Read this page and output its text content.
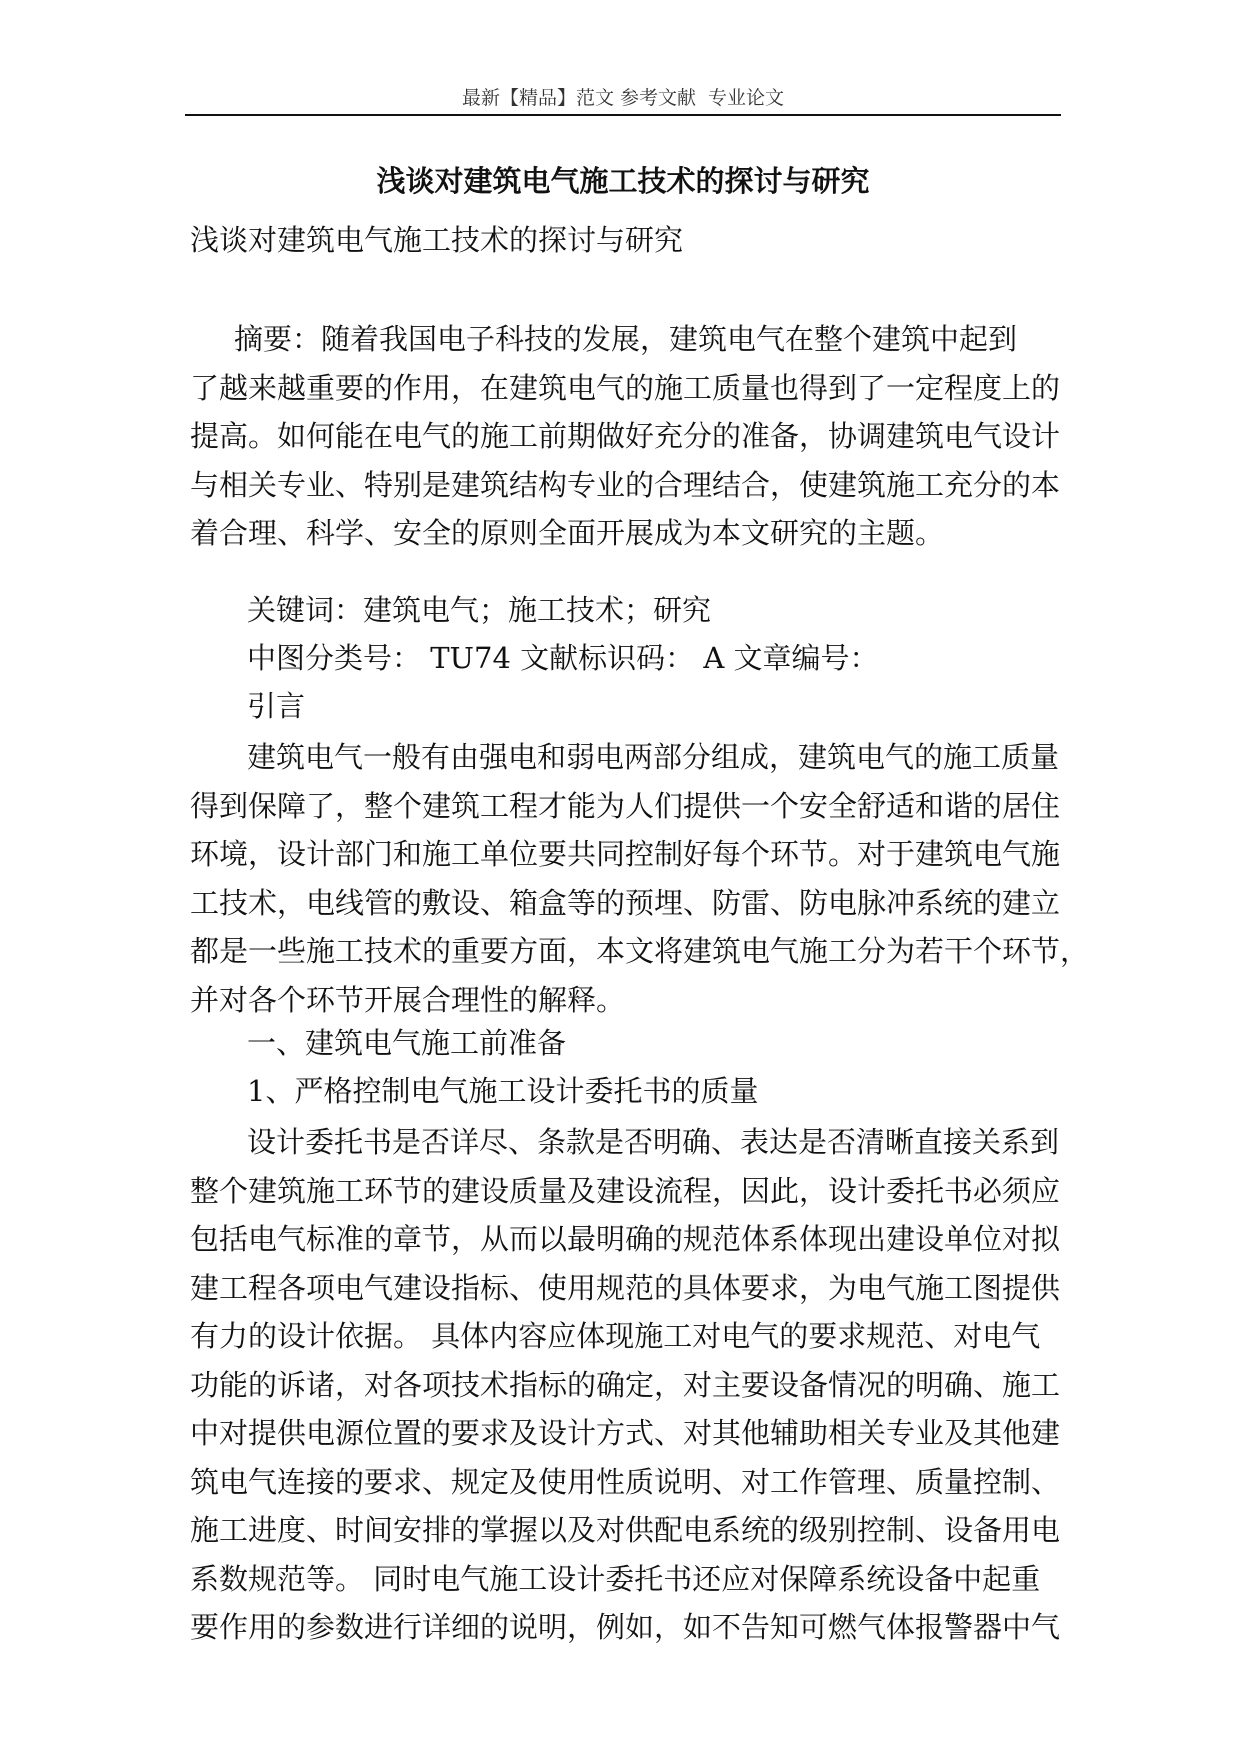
最新【精品】范文 参考文献  专业论文
浅谈对建筑电气施工技术的探讨与研究
浅谈对建筑电气施工技术的探讨与研究
摘要：随着我国电子科技的发展，建筑电气在整个建筑中起到
了越来越重要的作用，在建筑电气的施工质量也得到了一定程度上的
提高。如何能在电气的施工前期做好充分的准备，协调建筑电气设计
与相关专业、特别是建筑结构专业的合理结合，使建筑施工充分的本
着合理、科学、安全的原则全面开展成为本文研究的主题。
关键词：建筑电气；施工技术；研究
中图分类号： TU74 文献标识码： A 文章编号：
引言
建筑电气一般有由强电和弱电两部分组成，建筑电气的施工质量
得到保障了，整个建筑工程才能为人们提供一个安全舒适和谐的居住
环境，设计部门和施工单位要共同控制好每个环节。对于建筑电气施
工技术，电线管的敷设、箱盒等的预埋、防雷、防电脉冲系统的建立
都是一些施工技术的重要方面，本文将建筑电气施工分为若干个环节，
并对各个环节开展合理性的解释。
一、建筑电气施工前准备
1、严格控制电气施工设计委托书的质量
设计委托书是否详尽、条款是否明确、表达是否清晰直接关系到
整个建筑施工环节的建设质量及建设流程，因此，设计委托书必须应
包括电气标准的章节，从而以最明确的规范体系体现出建设单位对拟
建工程各项电气建设指标、使用规范的具体要求，为电气施工图提供
有力的设计依据。 具体内容应体现施工对电气的要求规范、对电气
功能的诉诸，对各项技术指标的确定，对主要设备情况的明确、施工
中对提供电源位置的要求及设计方式、对其他辅助相关专业及其他建
筑电气连接的要求、规定及使用性质说明、对工作管理、质量控制、
施工进度、时间安排的掌握以及对供配电系统的级别控制、设备用电
系数规范等。 同时电气施工设计委托书还应对保障系统设备中起重
要作用的参数进行详细的说明，例如，如不告知可燃气体报警器中气
